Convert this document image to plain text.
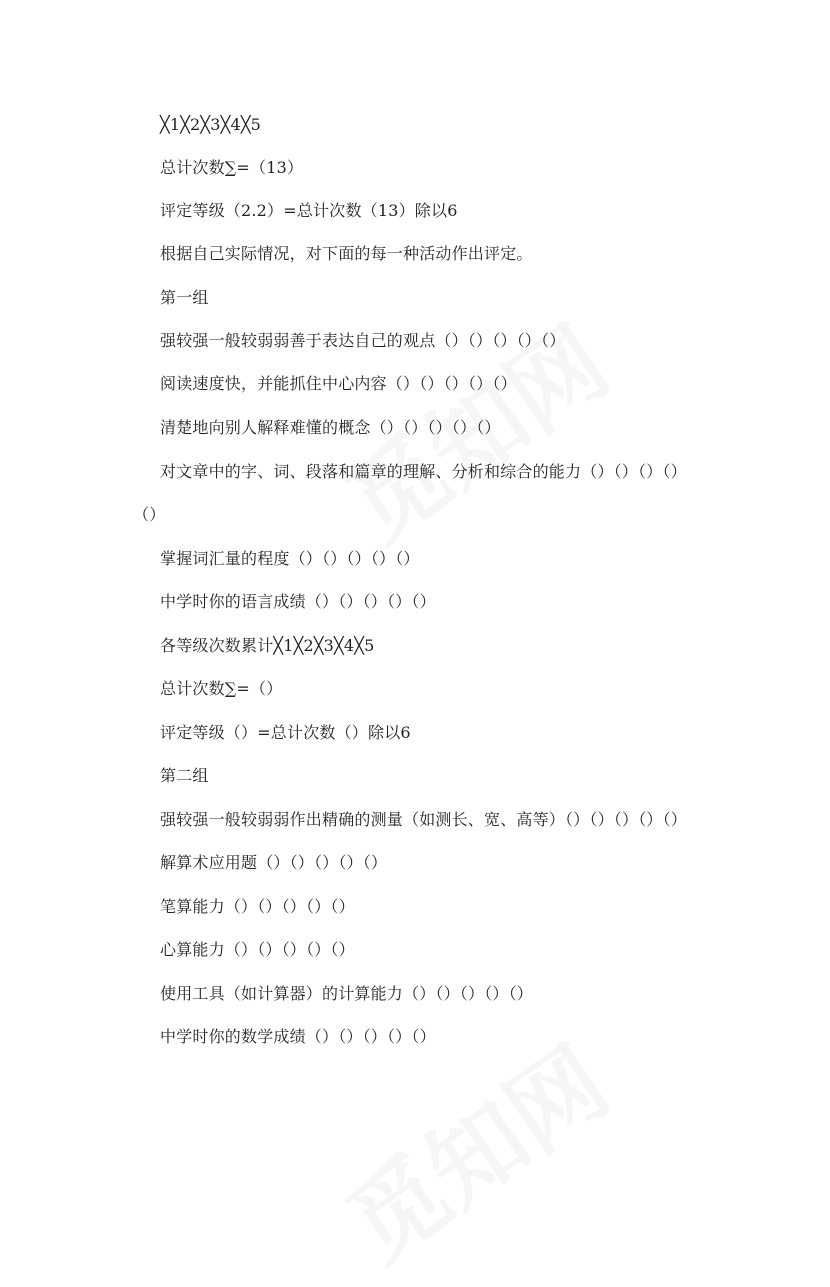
╳1╳2╳3╳4╳5
总计次数∑=（13）
评定等级（2.2）=总计次数（13）除以6
根据自己实际情况，对下面的每一种活动作出评定。
第一组
强较强一般较弱弱善于表达自己的观点（）（）（）（）（）
阅读速度快，并能抓住中心内容（）（）（）（）（）
清楚地向别人解释难懂的概念（）（）（）（）（）
对文章中的字、词、段落和篇章的理解、分析和综合的能力（）（）（）（）
（）
掌握词汇量的程度（）（）（）（）（）
中学时你的语言成绩（）（）（）（）（）
各等级次数累计╳1╳2╳3╳4╳5
总计次数∑=（）
评定等级（）=总计次数（）除以6
第二组
强较强一般较弱弱作出精确的测量（如测长、宽、高等）（）（）（）（）（）
解算术应用题（）（）（）（）（）
笔算能力（）（）（）（）（）
心算能力（）（）（）（）（）
使用工具（如计算器）的计算能力（）（）（）（）（）
中学时你的数学成绩（）（）（）（）（）
